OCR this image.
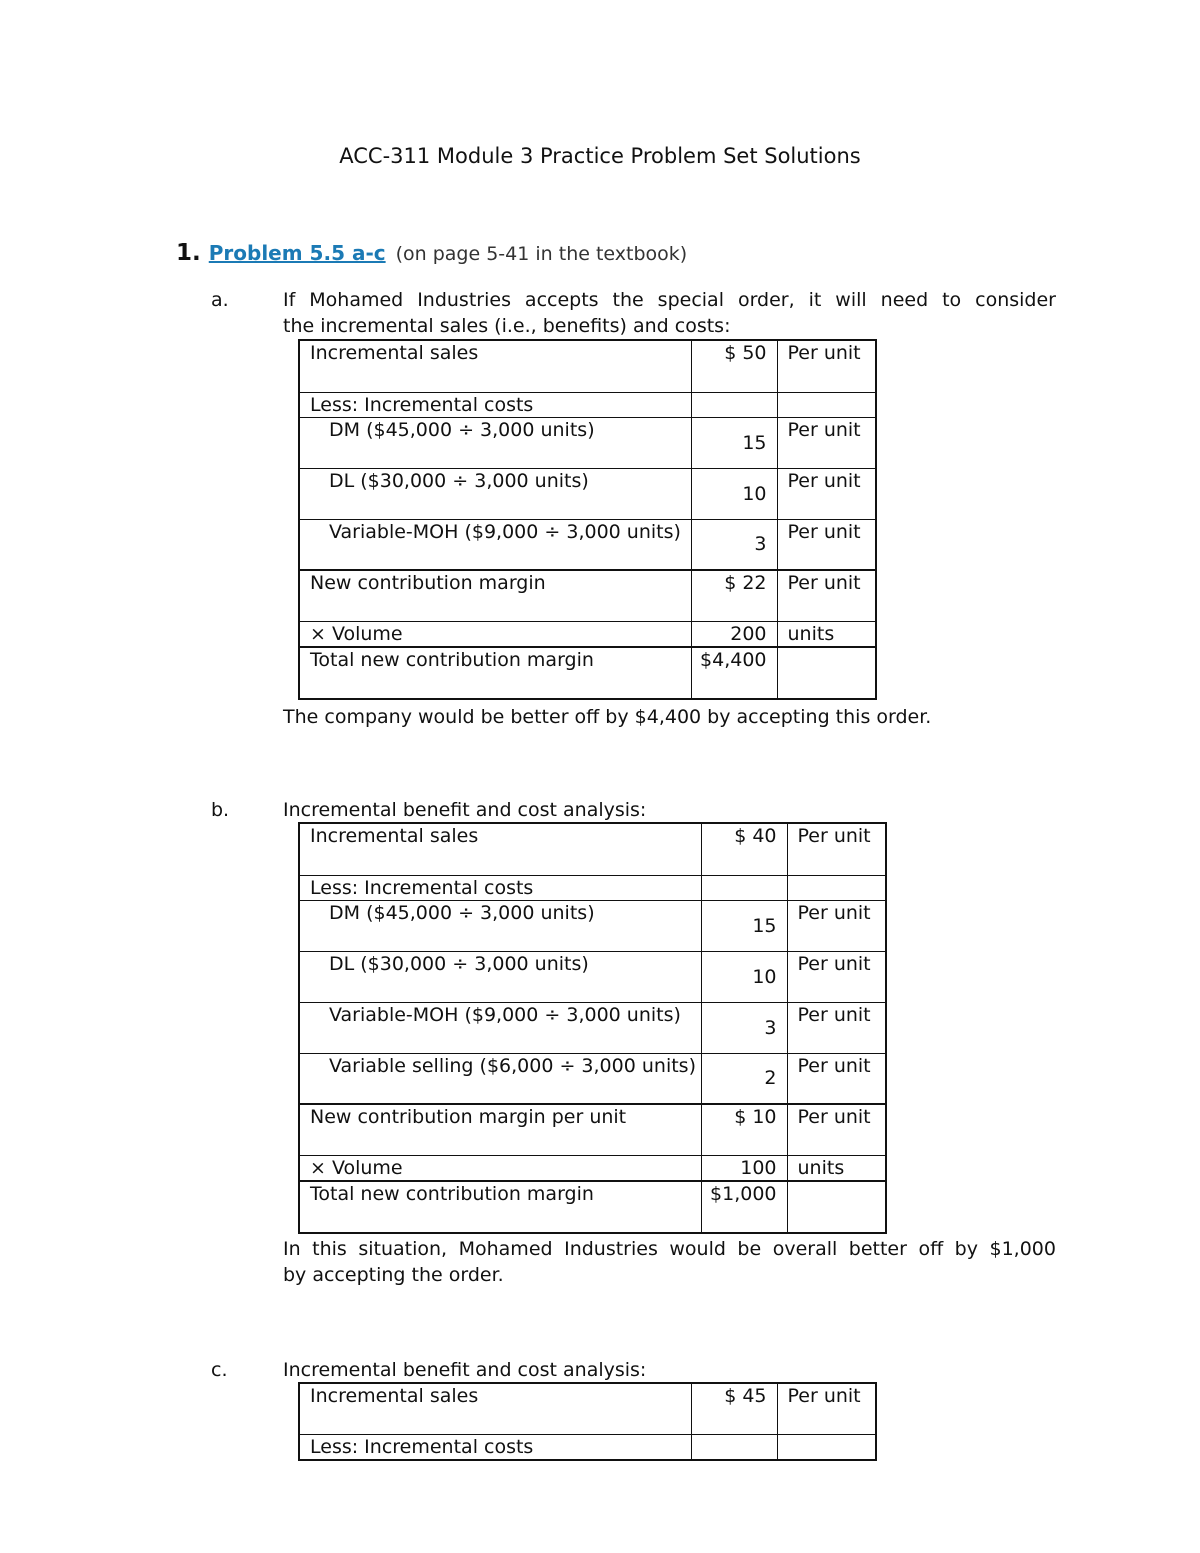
ACC-311 Module 3 Practice Problem Set Solutions
1. Problem 5.5 a-c (on page 5-41 in the textbook)
a.	If Mohamed Industries accepts the special order, it will need to consider
the incremental sales (i.e., benefits) and costs:
Incremental sales	$ 50	Per unit
Less: Incremental costs		
DM ($45,000 ÷ 3,000 units)	15	Per unit
DL ($30,000 ÷ 3,000 units)	10	Per unit
Variable-MOH ($9,000 ÷ 3,000 units)	3	Per unit
New contribution margin	$ 22	Per unit
× Volume	200	units
Total new contribution margin	$4,400	
The company would be better off by $4,400 by accepting this order.
b.	Incremental benefit and cost analysis:
Incremental sales	$ 40	Per unit
Less: Incremental costs		
DM ($45,000 ÷ 3,000 units)	15	Per unit
DL ($30,000 ÷ 3,000 units)	10	Per unit
Variable-MOH ($9,000 ÷ 3,000 units)	3	Per unit
Variable selling ($6,000 ÷ 3,000 units)	2	Per unit
New contribution margin per unit	$ 10	Per unit
× Volume	100	units
Total new contribution margin	$1,000	
In this situation, Mohamed Industries would be overall better off by $1,000
by accepting the order.
c.	Incremental benefit and cost analysis:
Incremental sales	$ 45	Per unit
Less: Incremental costs		
